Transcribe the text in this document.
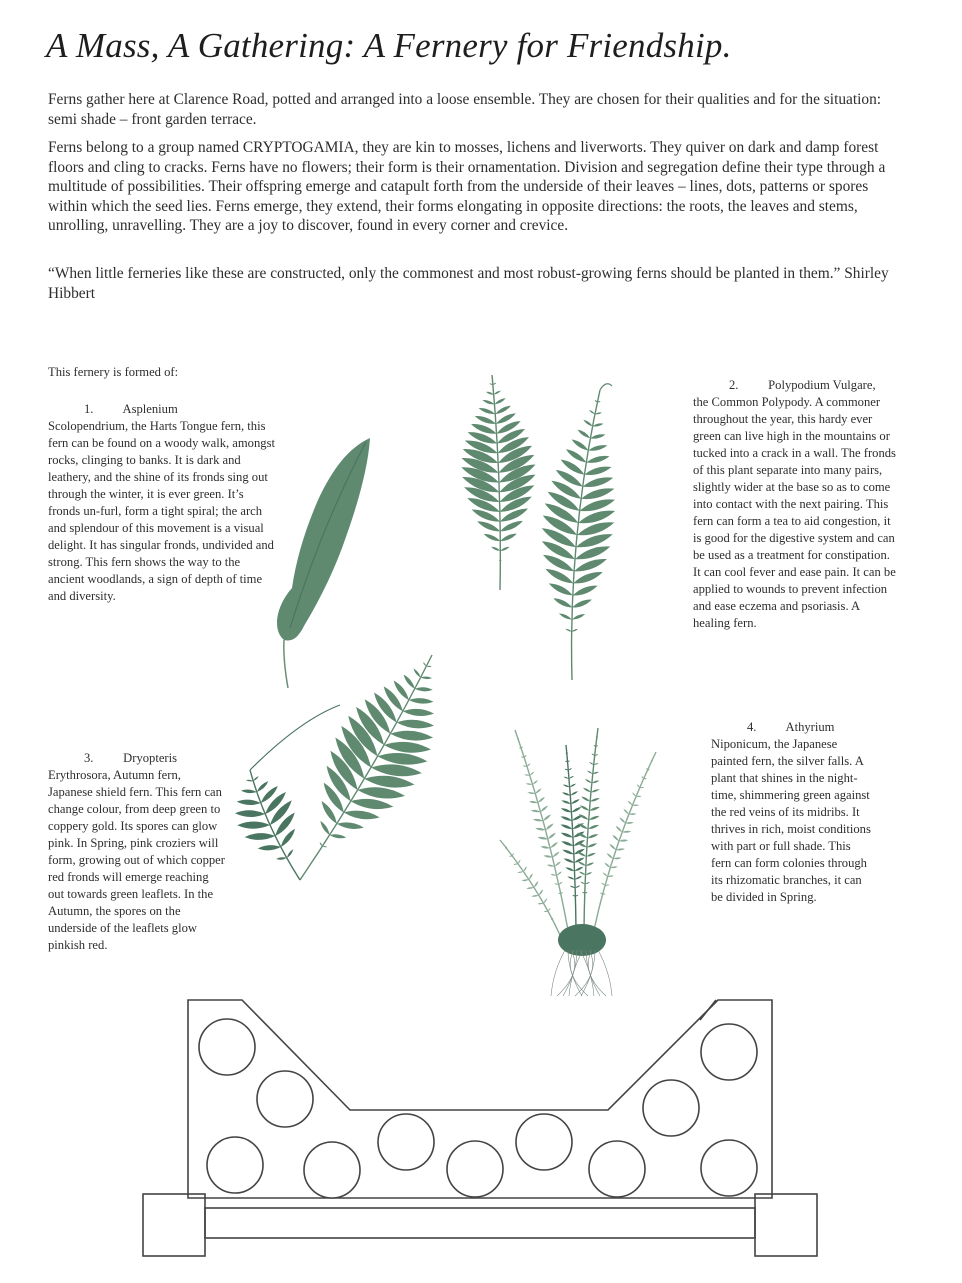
A Mass, A Gathering: A Fernery for Friendship.

Ferns gather here at Clarence Road, potted and arranged into a loose ensemble. They are chosen for their qualities and for the situation: semi shade – front garden terrace.

Ferns belong to a group named CRYPTOGAMIA, they are kin to mosses, lichens and liverworts. They quiver on dark and damp forest floors and cling to cracks. Ferns have no flowers; their form is their ornamentation. Division and segregation define their type through a multitude of possibilities. Their offspring emerge and catapult forth from the underside of their leaves – lines, dots, patterns or spores within which the seed lies. Ferns emerge, they extend, their forms elongating in opposite directions: the roots, the leaves and stems, unrolling, unravelling. They are a joy to discover, found in every corner and crevice.

“When little ferneries like these are constructed, only the commonest and most robust-growing ferns should be planted in them.” Shirley Hibbert

This fernery is formed of:

1. Asplenium
Scolopendrium, the Harts Tongue fern, this fern can be found on a woody walk, amongst rocks, clinging to banks. It is dark and leathery, and the shine of its fronds sing out through the winter, it is ever green. It’s fronds un-furl, form a tight spiral; the arch and splendour of this movement is a visual delight. It has singular fronds, undivided and strong. This fern shows the way to the ancient woodlands, a sign of depth of time and diversity.
2. Polypodium Vulgare,
the Common Polypody. A commoner throughout the year, this hardy ever green can live high in the mountains or tucked into a crack in a wall. The fronds of this plant separate into many pairs, slightly wider at the base so as to come into contact with the next pairing. This fern can form a tea to aid congestion, it is good for the digestive system and can be used as a treatment for constipation. It can cool fever and ease pain. It can be applied to wounds to prevent infection and ease eczema and psoriasis. A healing fern.
3. Dryopteris
Erythrosora, Autumn fern, Japanese shield fern. This fern can change colour, from deep green to coppery gold. Its spores can glow pink. In Spring, pink croziers will form, growing out of which copper red fronds will emerge reaching out towards green leaflets. In the Autumn, the spores on the underside of the leaflets glow pinkish red.
4. Athyrium
Niponicum, the Japanese painted fern, the silver falls. A plant that shines in the night-time, shimmering green against the red veins of its midribs. It thrives in rich, moist conditions with part or full shade. This fern can form colonies through its rhizomatic branches, it can be divided in Spring.
